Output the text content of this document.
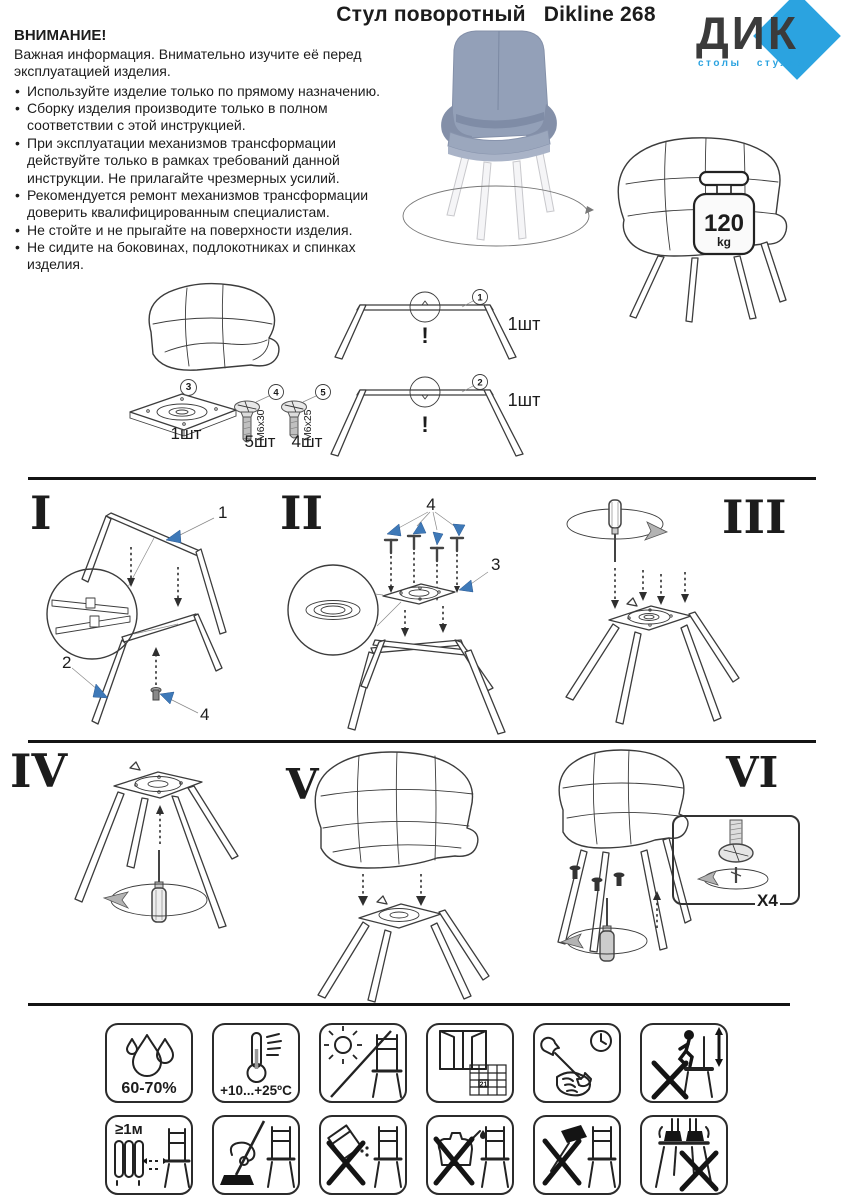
Стул поворотный Dikline 268 ДИК
столы стулья

ВНИМАНИЕ!

Важная информация. Внимательно изучите её перед эксплуатацией изделия.

• Используйте изделие только по прямому назначению.
• Сборку изделия производите только в полном соответствии с этой инструкцией.
• При эксплуатации механизмов трансформации действуйте только в рамках требований данной инструкции. Не прилагайте чрезмерных усилий.
• Рекомендуется ремонт механизмов трансформации доверить квалифицированным специалистам.
• Не стойте и не прыгайте на поверхности изделия.
• Не сидите на боковинах, подлокотниках и спинках изделия.
120
kg
3
1шт
4
М6х30
5шт
5
М6х25
4шт
!
1
1шт
!
2
1шт
I	1
2
4
II	4
3
III
IV	V	VI
X4
60-70%	+10...+25ºC	21
≥1м
